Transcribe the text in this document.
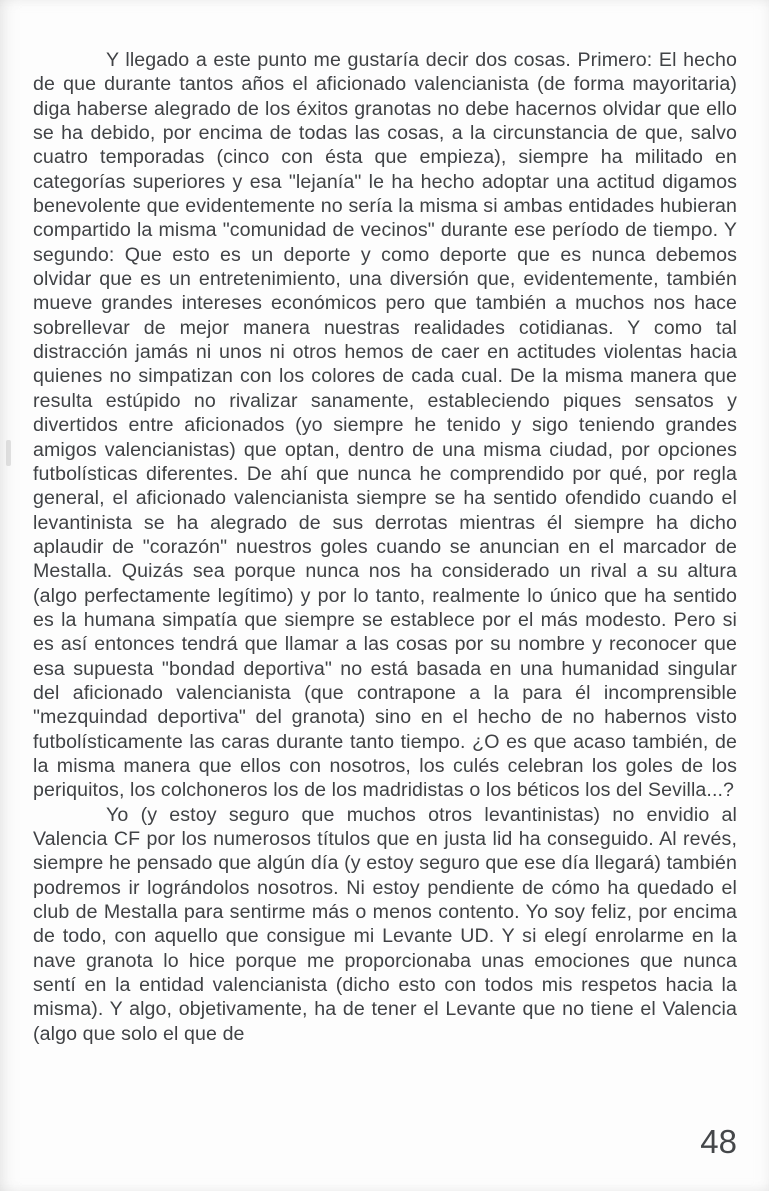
Y llegado a este punto me gustaría decir dos cosas. Primero: El hecho de que durante tantos años el aficionado valencianista (de forma mayoritaria) diga haberse alegrado de los éxitos granotas no debe hacernos olvidar que ello se ha debido, por encima de todas las cosas, a la circunstancia de que, salvo cuatro temporadas (cinco con ésta que empieza), siempre ha militado en categorías superiores y esa "lejanía" le ha hecho adoptar una actitud digamos benevolente que evidentemente no sería la misma si ambas entidades hubieran compartido la misma "comunidad de vecinos" durante ese período de tiempo. Y segundo: Que esto es un deporte y como deporte que es nunca debemos olvidar que es un entretenimiento, una diversión que, evidentemente, también mueve grandes intereses económicos pero que también a muchos nos hace sobrellevar de mejor manera nuestras realidades cotidianas. Y como tal distracción jamás ni unos ni otros hemos de caer en actitudes violentas hacia quienes no simpatizan con los colores de cada cual. De la misma manera que resulta estúpido no rivalizar sanamente, estableciendo piques sensatos y divertidos entre aficionados (yo siempre he tenido y sigo teniendo grandes amigos valencianistas) que optan, dentro de una misma ciudad, por opciones futbolísticas diferentes. De ahí que nunca he comprendido por qué, por regla general, el aficionado valencianista siempre se ha sentido ofendido cuando el levantinista se ha alegrado de sus derrotas mientras él siempre ha dicho aplaudir de "corazón" nuestros goles cuando se anuncian en el marcador de Mestalla. Quizás sea porque nunca nos ha considerado un rival a su altura (algo perfectamente legítimo) y por lo tanto, realmente lo único que ha sentido es la humana simpatía que siempre se establece por el más modesto. Pero si es así entonces tendrá que llamar a las cosas por su nombre y reconocer que esa supuesta "bondad deportiva" no está basada en una humanidad singular del aficionado valencianista (que contrapone a la para él incomprensible "mezquindad deportiva" del granota) sino en el hecho de no habernos visto futbolísticamente las caras durante tanto tiempo. ¿O es que acaso también, de la misma manera que ellos con nosotros, los culés celebran los goles de los periquitos, los colchoneros los de los madridistas o los béticos los del Sevilla...?

Yo (y estoy seguro que muchos otros levantinistas) no envidio al Valencia CF por los numerosos títulos que en justa lid ha conseguido. Al revés, siempre he pensado que algún día (y estoy seguro que ese día llegará) también podremos ir lográndolos nosotros. Ni estoy pendiente de cómo ha quedado el club de Mestalla para sentirme más o menos contento. Yo soy feliz, por encima de todo, con aquello que consigue mi Levante UD. Y si elegí enrolarme en la nave granota lo hice porque me proporcionaba unas emociones que nunca sentí en la entidad valencianista (dicho esto con todos mis respetos hacia la misma). Y algo, objetivamente, ha de tener el Levante que no tiene el Valencia (algo que solo el que de

48
